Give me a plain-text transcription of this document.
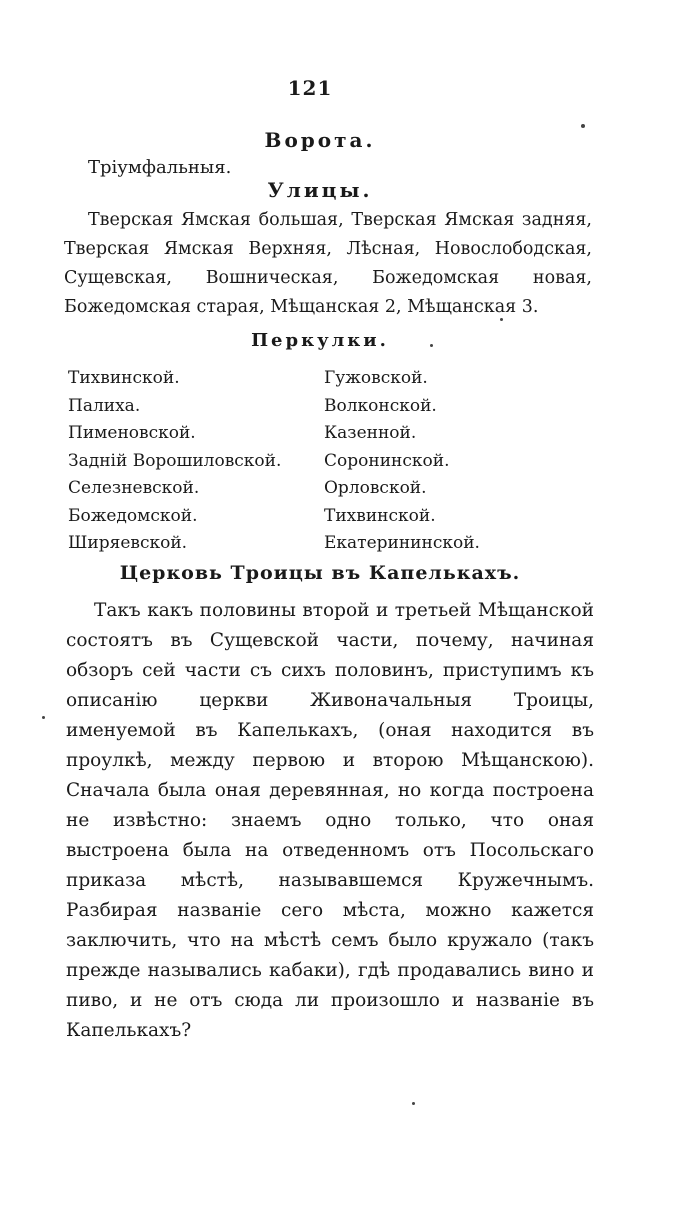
121
Ворота.
Тріумфальныя.
Улицы.
Тверская Ямская большая, Тверская Ямская задняя, Тверская Ямская Верхняя, Лѣсная, Новослободская, Сущевская, Вошническая, Божедомская новая, Божедомская старая, Мѣщанская 2, Мѣщанская 3.
Перкулки.
Тихвинской.	Гужовской.
Палиха.	Волконской.
Пименовской.	Казенной.
Задній Ворошиловской.	Соронинской.
Селезневской.	Орловской.
Божедомской.	Тихвинской.
Ширяевской.	Екатерининской.
Церковь Троицы въ Капелькахъ.
Такъ какъ половины второй и третьей Мѣщанской состоятъ въ Сущевской части, почему, начиная обзоръ сей части съ сихъ половинъ, приступимъ къ описанію церкви Живоначальныя Троицы, именуемой въ Капелькахъ, (оная находится въ проулкѣ, между первою и второю Мѣщанскою). Сначала была оная деревянная, но когда построена не извѣстно: знаемъ одно только, что оная выстроена была на отведенномъ отъ Посольскаго приказа мѣстѣ, называвшемся Кружечнымъ. Разбирая названіе сего мѣста, можно кажется заключить, что на мѣстѣ семъ было кружало (такъ прежде назывались кабаки), гдѣ продавались вино и пиво, и не отъ сюда ли произошло и названіе въ Капелькахъ?
